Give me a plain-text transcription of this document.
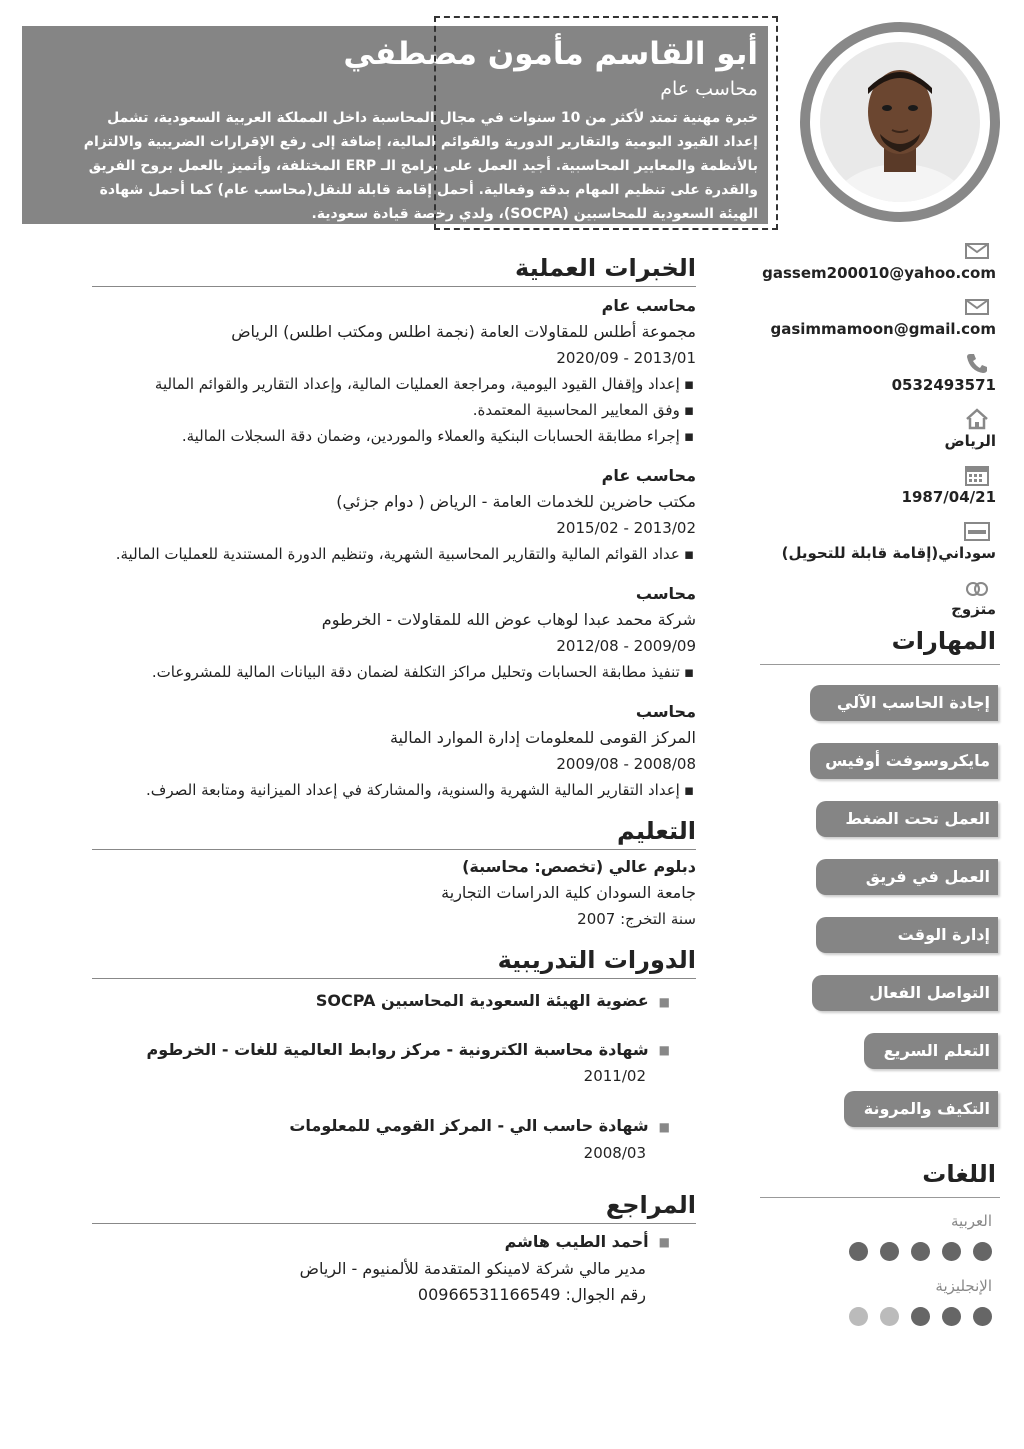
أبو القاسم مأمون مصطفي
محاسب عام
خبرة مهنية تمتد لأكثر من 10 سنوات في مجال المحاسبة داخل المملكة العربية السعودية، تشمل
إعداد القيود اليومية والتقارير الدورية والقوائم المالية، إضافة إلى رفع الإقرارات الضريبية والالتزام
بالأنظمة والمعايير المحاسبية. أجيد العمل على برامج الـ ERP المختلفة، وأتميز بالعمل بروح الفريق
والقدرة على تنظيم المهام بدقة وفعالية. أحمل إقامة قابلة للنقل(محاسب عام) كما أحمل شهادة
الهيئة السعودية للمحاسبين (SOCPA)، ولدي رخصة قيادة سعودية.
gassem200010@yahoo.com
gasimmamoon@gmail.com
0532493571
الرياض
1987/04/21
سوداني(إقامة قابلة للتحويل)
متزوج
المهارات
إجادة الحاسب الآلي
مايكروسوفت أوفيس
العمل تحت الضغط
العمل في فريق
إدارة الوقت
التواصل الفعال
التعلم السريع
التكيف والمرونة
اللغات
العربية
الإنجليزية
الخبرات العملية
محاسب عام
مجموعة أطلس للمقاولات العامة (نجمة اطلس ومكتب اطلس) الرياض
2013/01 - 2020/09
▪ إعداد وإقفال القيود اليومية، ومراجعة العمليات المالية، وإعداد التقارير والقوائم المالية
▪ وفق المعايير المحاسبية المعتمدة.
▪ إجراء مطابقة الحسابات البنكية والعملاء والموردين، وضمان دقة السجلات المالية.
محاسب عام
مكتب حاضرين للخدمات العامة - الرياض ( دوام جزئي)
2013/02 - 2015/02
▪ عداد القوائم المالية والتقارير المحاسبية الشهرية، وتنظيم الدورة المستندية للعمليات المالية.
محاسب
شركة محمد عبدا لوهاب عوض الله للمقاولات - الخرطوم
2009/09 - 2012/08
▪ تنفيذ مطابقة الحسابات وتحليل مراكز التكلفة لضمان دقة البيانات المالية للمشروعات.
محاسب
المركز القومى للمعلومات إدارة الموارد المالية
2008/08 - 2009/08
▪ إعداد التقارير المالية الشهرية والسنوية، والمشاركة في إعداد الميزانية ومتابعة الصرف.
التعليم
دبلوم عالي (تخصص: محاسبة)
جامعة السودان كلية الدراسات التجارية
سنة التخرج: 2007
الدورات التدريبية
■ عضوية الهيئة السعودية المحاسبين SOCPA
■ شهادة محاسبة الكترونية - مركز روابط العالمية للغات - الخرطوم
2011/02
■ شهادة حاسب الي - المركز القومي للمعلومات
2008/03
المراجع
■ أحمد الطيب هاشم
مدير مالي شركة لامينكو المتقدمة للألمنيوم - الرياض
رقم الجوال: 00966531166549
